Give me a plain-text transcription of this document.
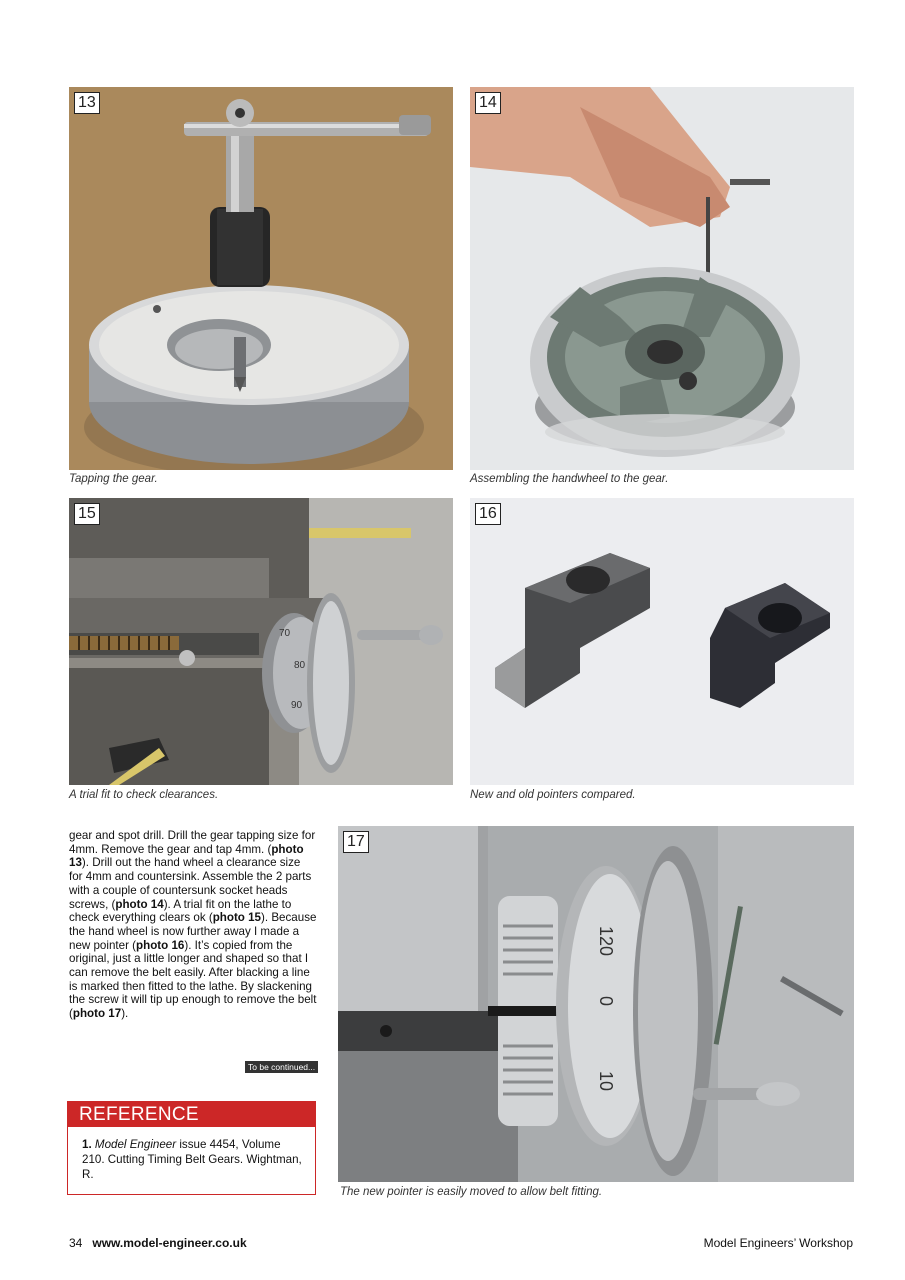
13
Tapping the gear.
14
Assembling the handwheel to the gear.
70
80
90
15
A trial fit to check clearances.
16
New and old pointers compared.
gear and spot drill. Drill the gear tapping size for 4mm. Remove the gear and tap 4mm. (photo 13). Drill out the hand wheel a clearance size for 4mm and countersink. Assemble the 2 parts with a couple of countersunk socket heads screws, (photo 14). A trial fit on the lathe to check everything clears ok (photo 15). Because the hand wheel is now further away I made a new pointer (photo 16). It’s copied from the original, just a little longer and shaped so that I can remove the belt easily. After blacking a line is marked then fitted to the lathe. By slackening the screw it will tip up enough to remove the belt (photo 17).
To be continued...
REFERENCE
1. Model Engineer issue 4454, Volume 210. Cutting Timing Belt Gears. Wightman, R.
120
0
10
17
The new pointer is easily moved to allow belt fitting.
34 www.model-engineer.co.uk	Model Engineers’ Workshop
